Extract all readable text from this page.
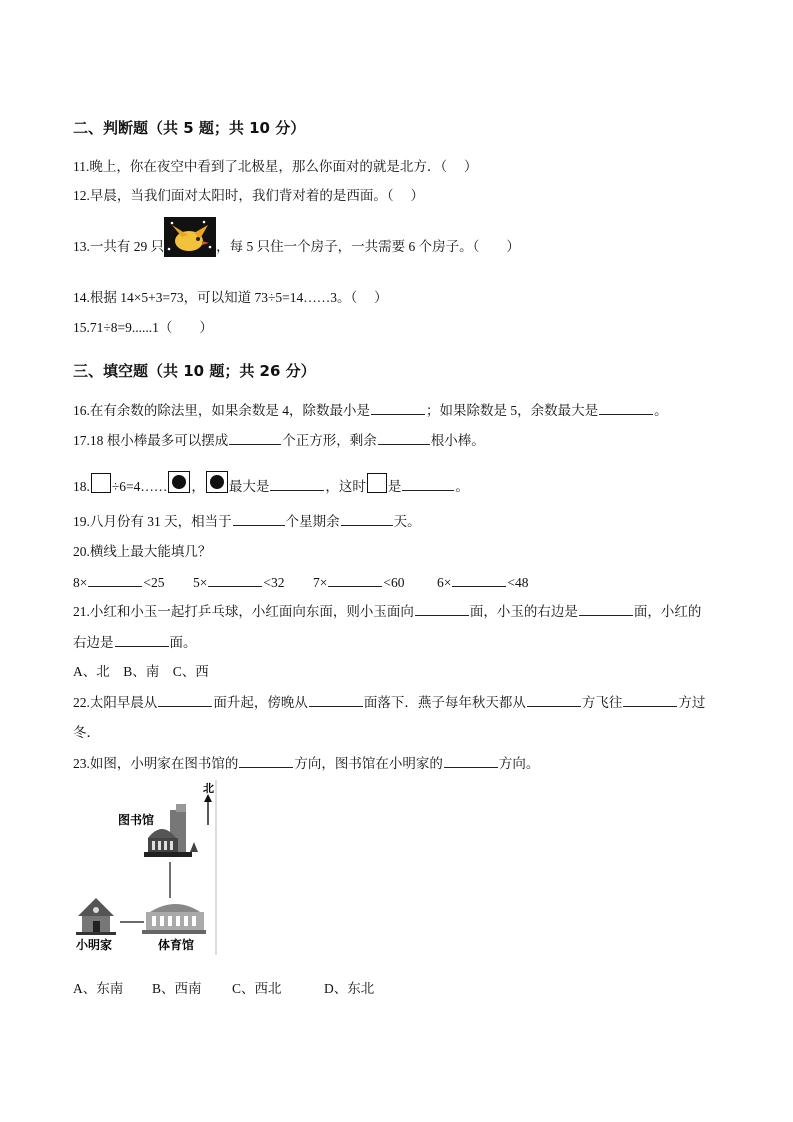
二、判断题（共 5 题；共 10 分）
11.晚上，你在夜空中看到了北极星，那么你面对的就是北方．（　 ）
12.早晨，当我们面对太阳时，我们背对着的是西面。（　 ）
13.一共有 29 只	，每 5 只住一个房子，一共需要 6 个房子。（　　）
14.根据 14×5+3=73，可以知道 73÷5=14……3。（　 ）
15.71÷8=9......1（　　）
三、填空题（共 10 题；共 26 分）
16.在有余数的除法里，如果余数是 4，除数最小是	；如果除数是 5，余数最大是	。
17.18 根小棒最多可以摆成	个正方形，剩余	根小棒。
18. ÷6=4…… ， 最大是	，这时 是	。
19.八月份有 31 天，相当于	个星期余	天。
20.横线上最大能填几？
8×	<25 5×	<32 7×	<60 6×	<48
21.小红和小玉一起打乒乓球，小红面向东面，则小玉面向	面，小玉的右边是	面，小红的
右边是	面。
A、北　B、南　C、西
22.太阳早晨从	面升起，傍晚从	面落下．燕子每年秋天都从	方飞往	方过
冬．
23.如图，小明家在图书馆的	方向，图书馆在小明家的	方向。
北
图书馆
体育馆
小明家
A、东南 B、西南 C、西北	D、东北
